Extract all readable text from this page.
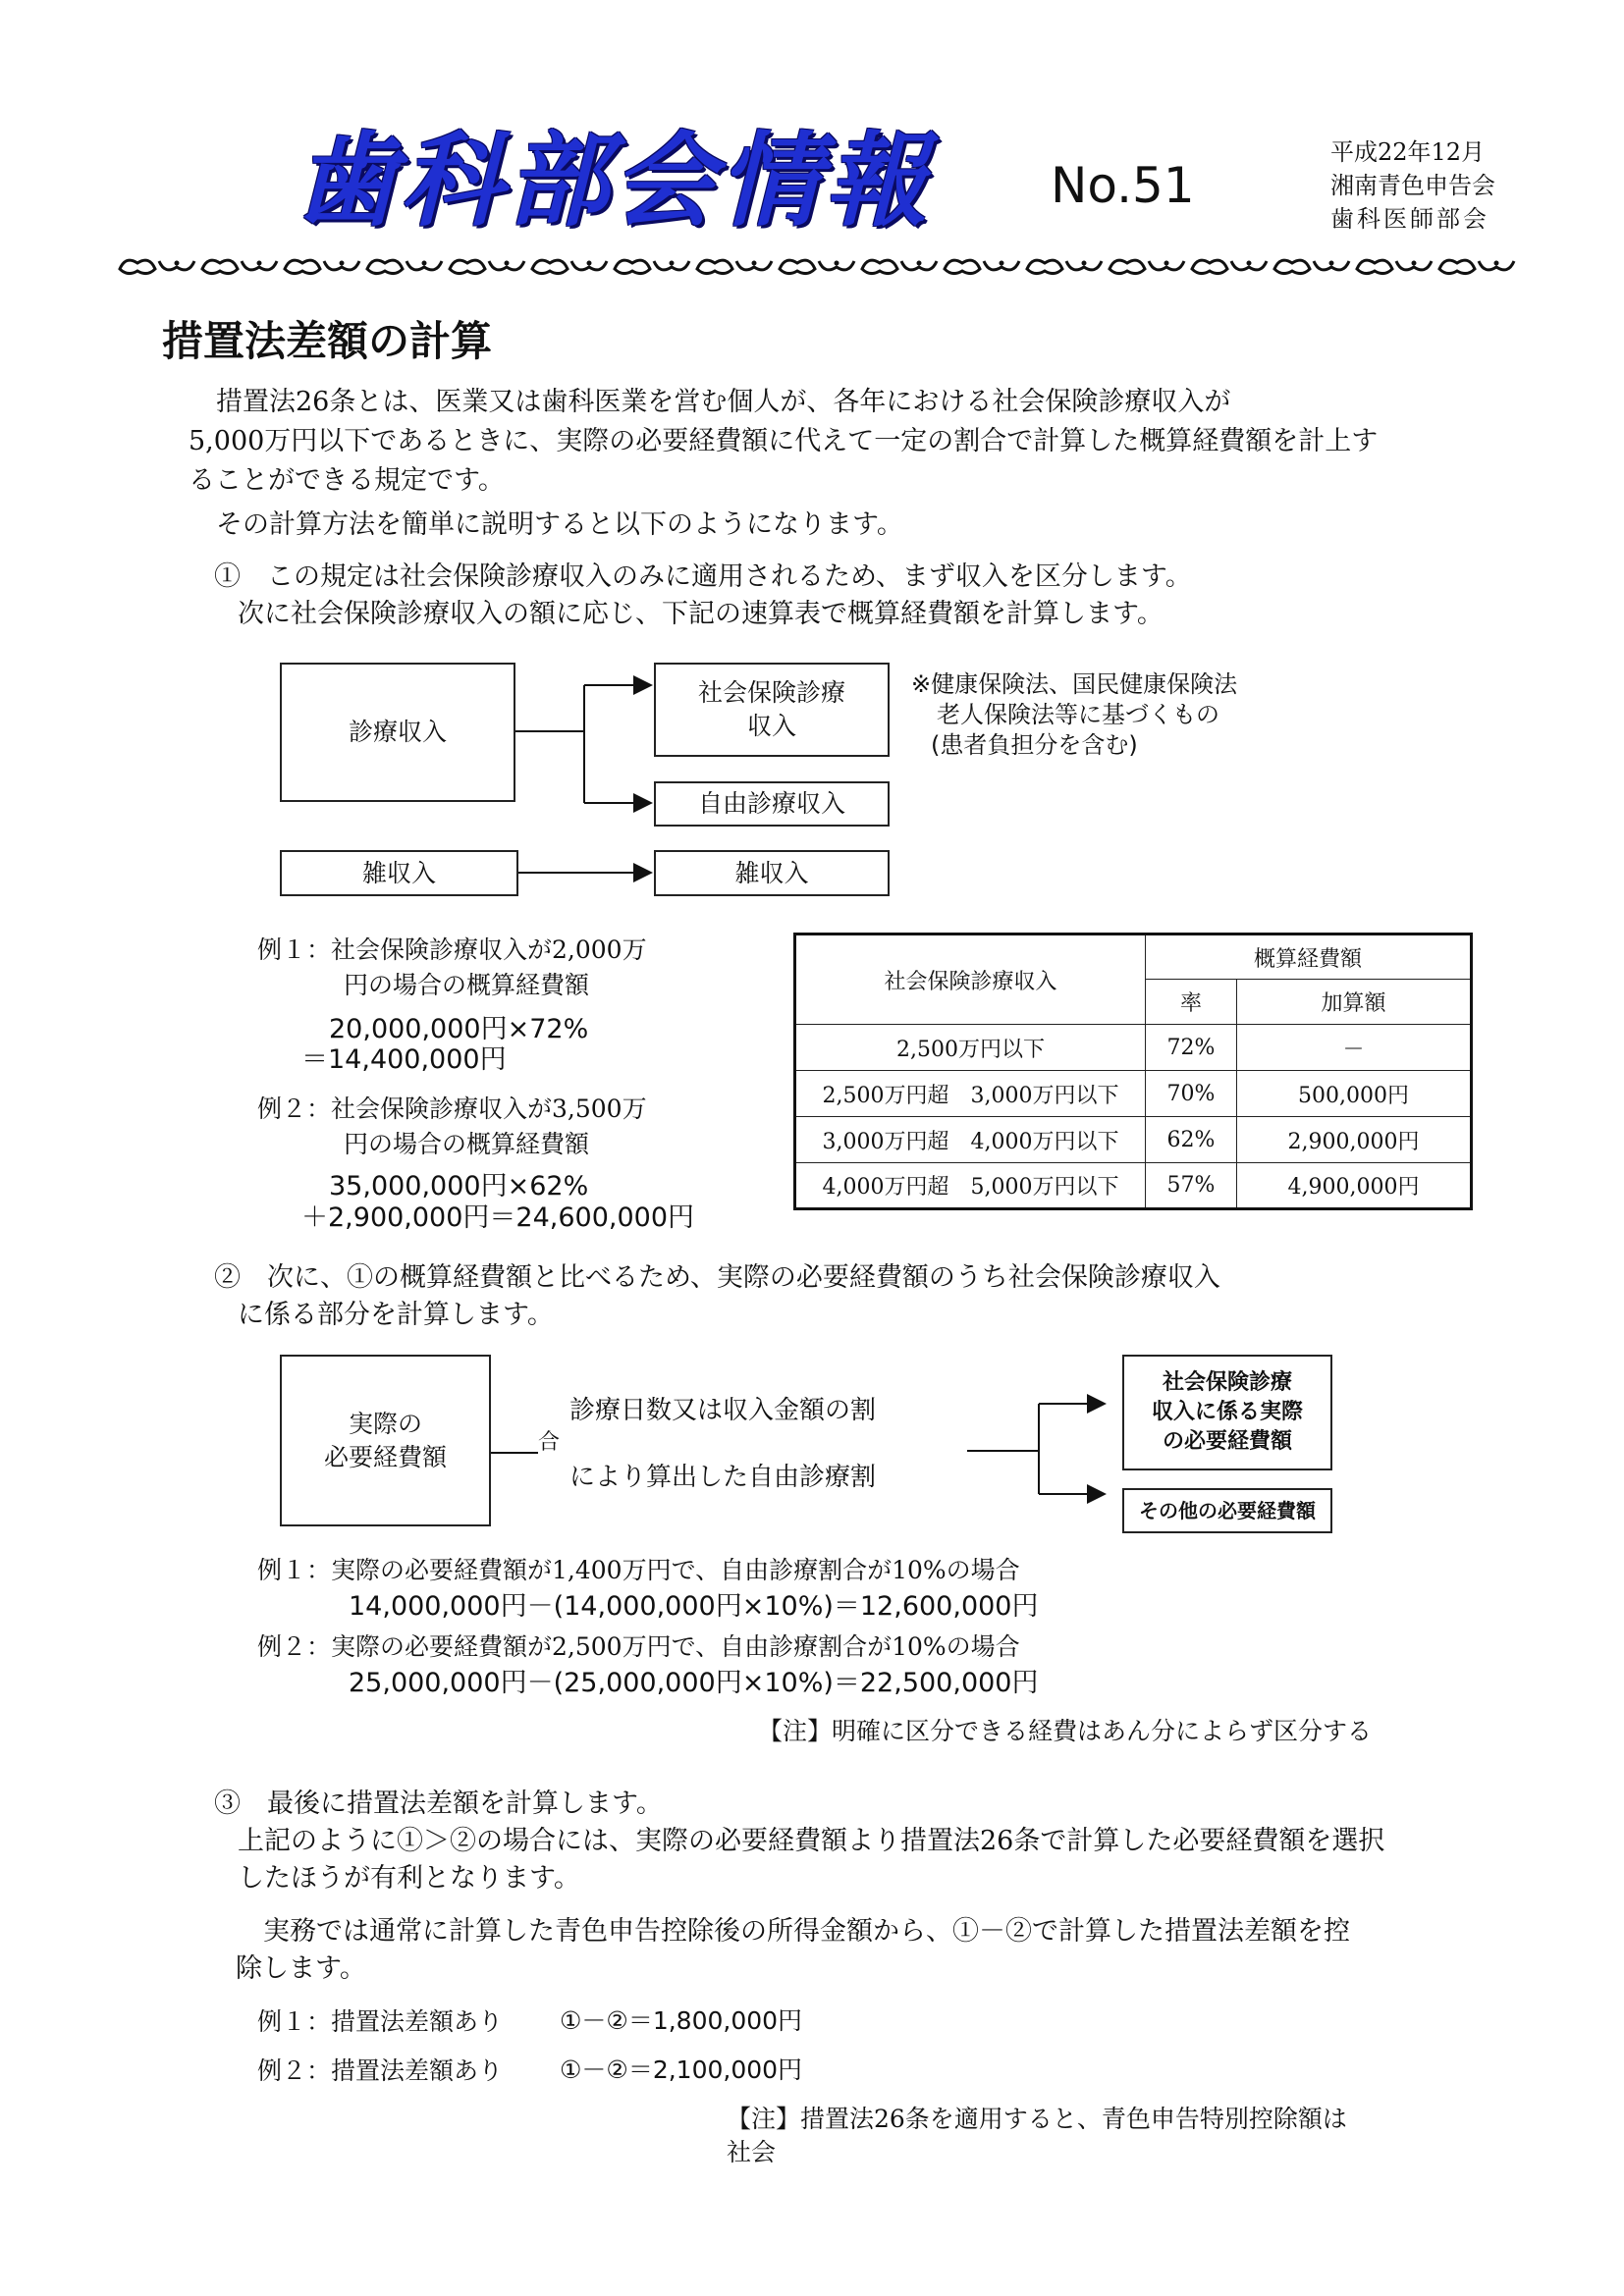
歯科部会情報 No.51
平成22年12月
湘南青色申告会
歯科医師部会
措置法差額の計算
措置法26条とは、医業又は歯科医業を営む個人が、各年における社会保険診療収入が
5,000万円以下であるときに、実際の必要経費額に代えて一定の割合で計算した概算経費額を計上す
ることができる規定です。
その計算方法を簡単に説明すると以下のようになります。
①　この規定は社会保険診療収入のみに適用されるため、まず収入を区分します。
次に社会保険診療収入の額に応じ、下記の速算表で概算経費額を計算します。
診療収入
社会保険診療
収入
自由診療収入
雑収入	雑収入
※健康保険法、国民健康保険法
老人保険法等に基づくもの
(患者負担分を含む)
例１：社会保険診療収入が2,000万
円の場合の概算経費額
20,000,000円×72%
＝14,400,000円
例２：社会保険診療収入が3,500万
円の場合の概算経費額
35,000,000円×62%
＋2,900,000円＝24,600,000円
社会保険診療収入	概算経費額	
	率	加算額
2,500万円以下	72%	－
2,500万円超　3,000万円以下	70%	500,000円
3,000万円超　4,000万円以下	62%	2,900,000円
4,000万円超　5,000万円以下	57%	4,900,000円
②　次に、①の概算経費額と比べるため、実際の必要経費額のうち社会保険診療収入
に係る部分を計算します。
実際の
必要経費額
診療日数又は収入金額の割
合
により算出した自由診療割
社会保険診療
収入に係る実際
の必要経費額
その他の必要経費額
例１：実際の必要経費額が1,400万円で、自由診療割合が10%の場合
14,000,000円－(14,000,000円×10%)＝12,600,000円
例２：実際の必要経費額が2,500万円で、自由診療割合が10%の場合
25,000,000円－(25,000,000円×10%)＝22,500,000円
【注】明確に区分できる経費はあん分によらず区分する
③　最後に措置法差額を計算します。
上記のように①＞②の場合には、実際の必要経費額より措置法26条で計算した必要経費額を選択
したほうが有利となります。
実務では通常に計算した青色申告控除後の所得金額から、①－②で計算した措置法差額を控
除します。
例１：措置法差額あり ①－②＝1,800,000円
例２：措置法差額あり ①－②＝2,100,000円
【注】措置法26条を適用すると、青色申告特別控除額は
社会
